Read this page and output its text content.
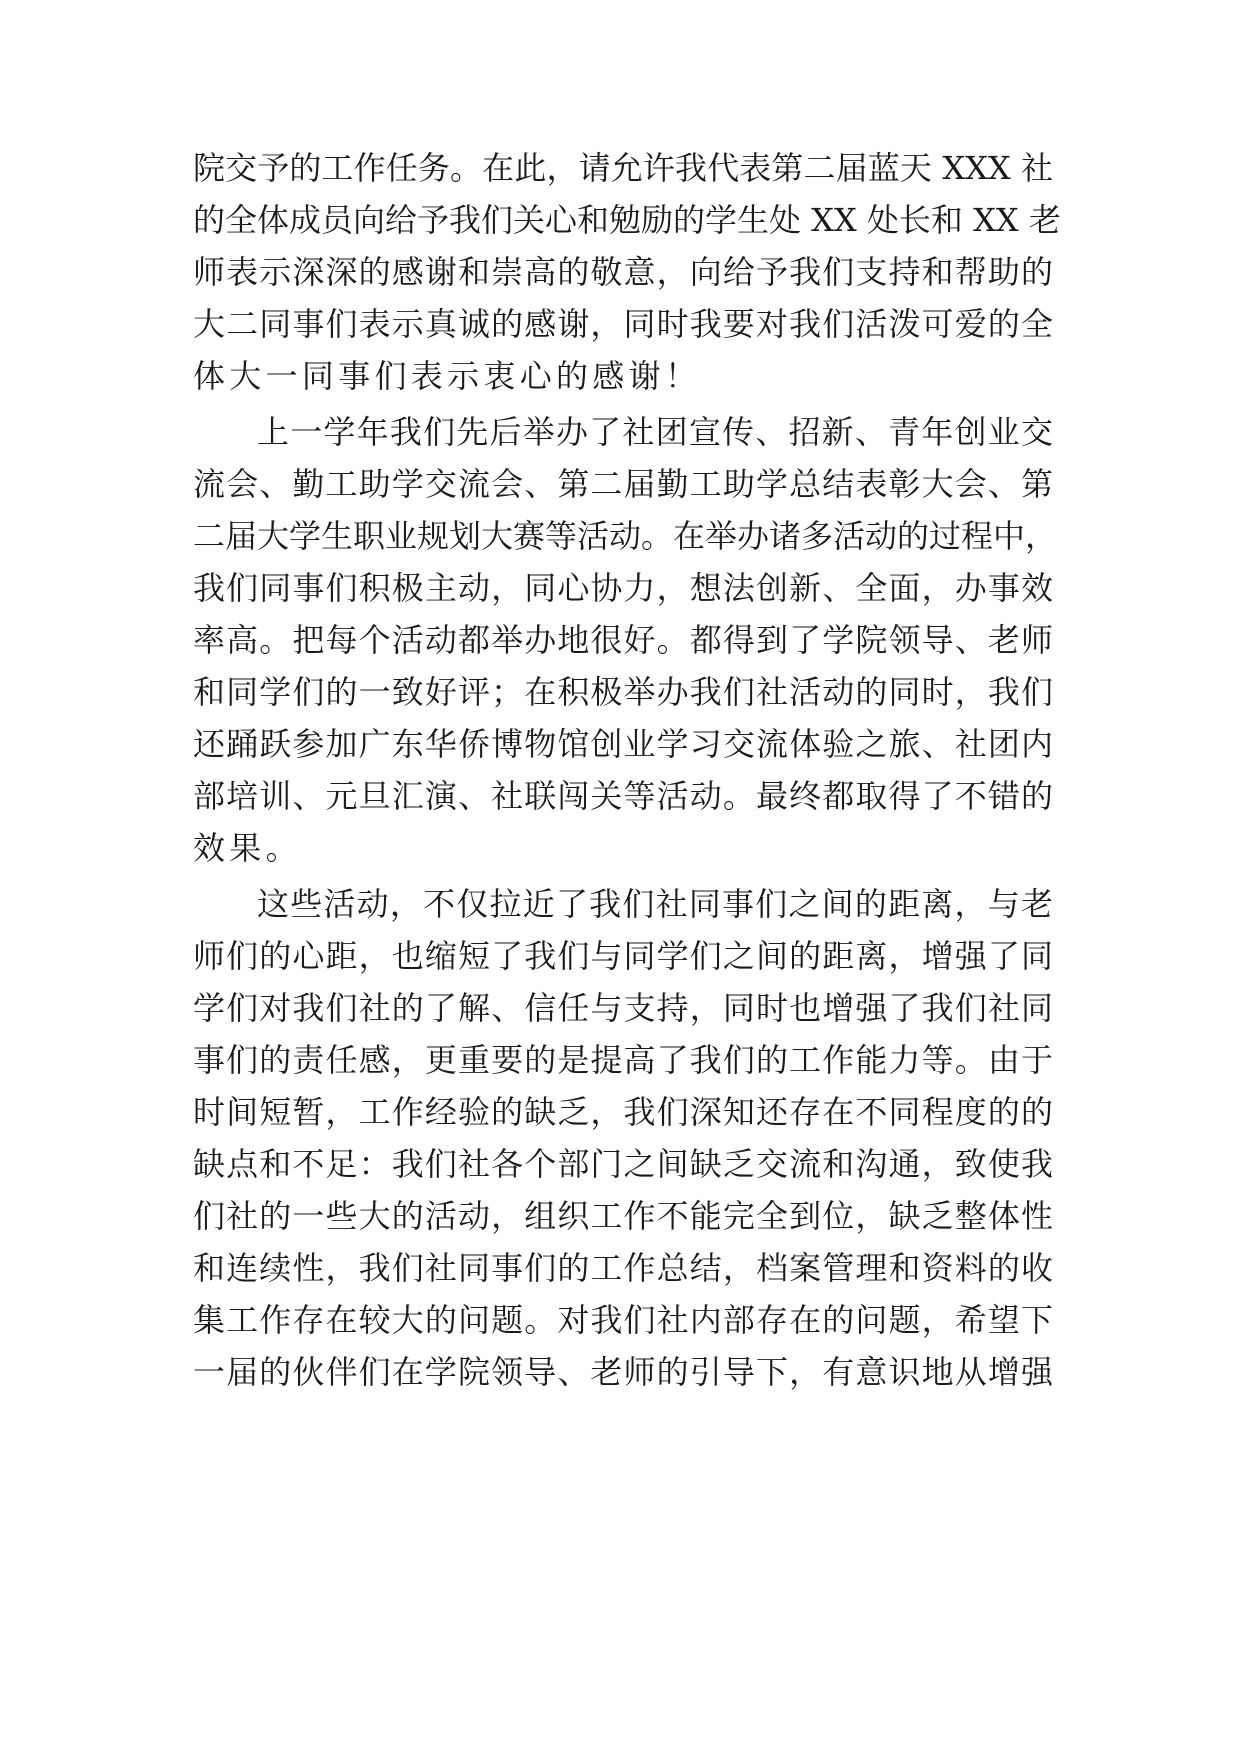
院交予的工作任务。在此，请允许我代表第二届蓝天 XXX 社
的全体成员向给予我们关心和勉励的学生处 XX 处长和 XX 老
师表示深深的感谢和崇高的敬意，向给予我们支持和帮助的
大二同事们表示真诚的感谢，同时我要对我们活泼可爱的全
体大一同事们表示衷心的感谢！
上一学年我们先后举办了社团宣传、招新、青年创业交
流会、勤工助学交流会、第二届勤工助学总结表彰大会、第
二届大学生职业规划大赛等活动。在举办诸多活动的过程中，
我们同事们积极主动，同心协力，想法创新、全面，办事效
率高。把每个活动都举办地很好。都得到了学院领导、老师
和同学们的一致好评；在积极举办我们社活动的同时，我们
还踊跃参加广东华侨博物馆创业学习交流体验之旅、社团内
部培训、元旦汇演、社联闯关等活动。最终都取得了不错的
效果。
这些活动，不仅拉近了我们社同事们之间的距离，与老
师们的心距，也缩短了我们与同学们之间的距离，增强了同
学们对我们社的了解、信任与支持，同时也增强了我们社同
事们的责任感，更重要的是提高了我们的工作能力等。由于
时间短暂，工作经验的缺乏，我们深知还存在不同程度的的
缺点和不足：我们社各个部门之间缺乏交流和沟通，致使我
们社的一些大的活动，组织工作不能完全到位，缺乏整体性
和连续性，我们社同事们的工作总结，档案管理和资料的收
集工作存在较大的问题。对我们社内部存在的问题，希望下
一届的伙伴们在学院领导、老师的引导下，有意识地从增强
